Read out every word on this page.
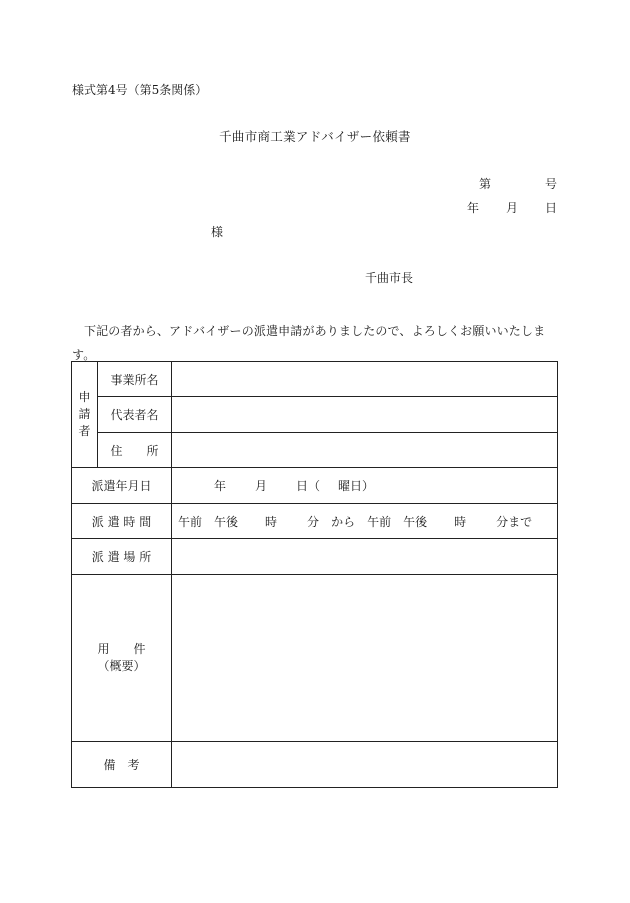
様式第4号（第5条関係）
千曲市商工業アドバイザー依頼書
第	号
年 月 日
様
千曲市長
下記の者から、アドバイザーの派遣申請がありましたので、よろしくお願いいたします。
申
請
者	事業所名	
	代表者名	
	住 所	
派遣年月日		年 月 日（ 曜日）
派 遣 時 間		午前 午後 時 分 から 午前 午後 時 分まで
派 遣 場 所		

用 件
（概要）		

備 考		
